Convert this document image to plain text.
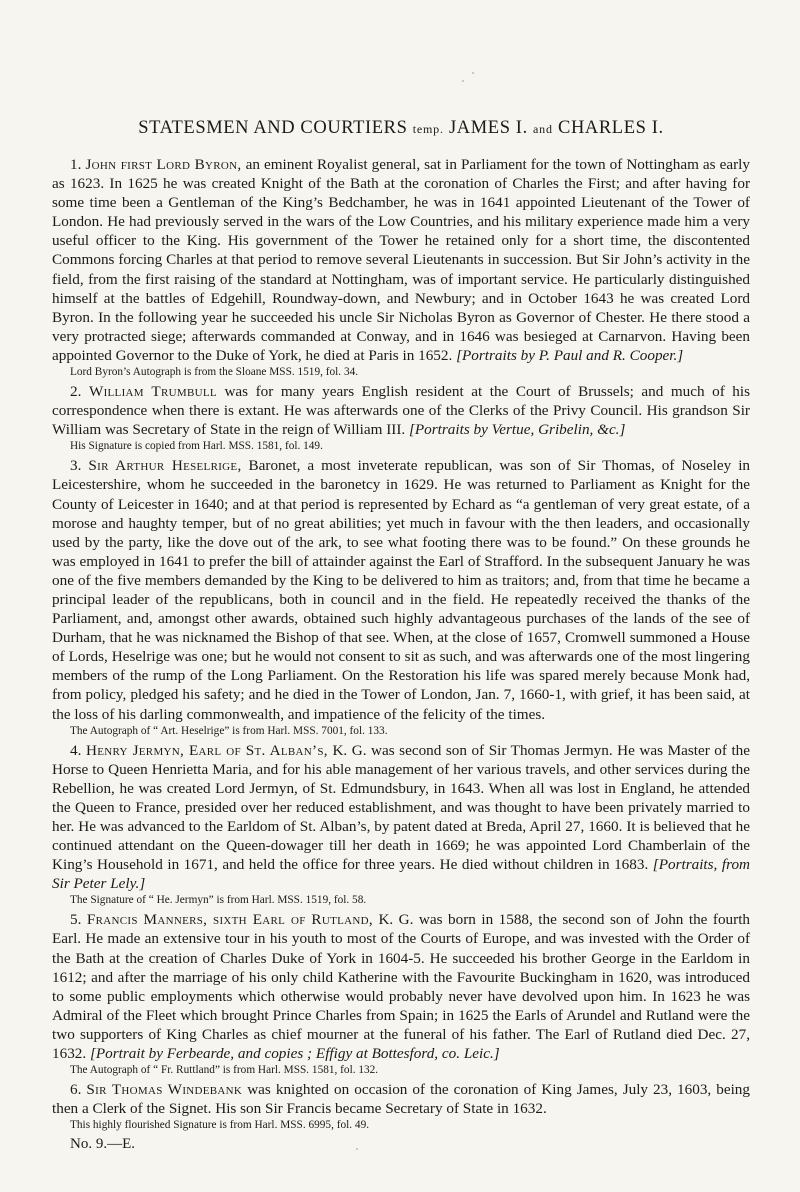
STATESMEN AND COURTIERS temp. JAMES I. and CHARLES I.

1. John first Lord Byron, an eminent Royalist general, sat in Parliament for the town of Nottingham as early as 1623. In 1625 he was created Knight of the Bath at the coronation of Charles the First; and after having for some time been a Gentleman of the King’s Bedchamber, he was in 1641 appointed Lieutenant of the Tower of London. He had previously served in the wars of the Low Countries, and his military experience made him a very useful officer to the King. His government of the Tower he retained only for a short time, the discontented Commons forcing Charles at that period to remove several Lieutenants in succession. But Sir John’s activity in the field, from the first raising of the standard at Nottingham, was of important service. He particularly distinguished himself at the battles of Edgehill, Roundway-down, and Newbury; and in October 1643 he was created Lord Byron. In the following year he succeeded his uncle Sir Nicholas Byron as Governor of Chester. He there stood a very protracted siege; afterwards commanded at Conway, and in 1646 was besieged at Carnarvon. Having been appointed Governor to the Duke of York, he died at Paris in 1652. [Portraits by P. Paul and R. Cooper.]

Lord Byron’s Autograph is from the Sloane MSS. 1519, fol. 34.

2. William Trumbull was for many years English resident at the Court of Brussels; and much of his correspondence when there is extant. He was afterwards one of the Clerks of the Privy Council. His grandson Sir William was Secretary of State in the reign of William III. [Portraits by Vertue, Gribelin, &c.]

His Signature is copied from Harl. MSS. 1581, fol. 149.

3. Sir Arthur Heselrige, Baronet, a most inveterate republican, was son of Sir Thomas, of Noseley in Leicestershire, whom he succeeded in the baronetcy in 1629. He was returned to Parliament as Knight for the County of Leicester in 1640; and at that period is represented by Echard as “a gentleman of very great estate, of a morose and haughty temper, but of no great abilities; yet much in favour with the then leaders, and occasionally used by the party, like the dove out of the ark, to see what footing there was to be found.” On these grounds he was employed in 1641 to prefer the bill of attainder against the Earl of Strafford. In the subsequent January he was one of the five members demanded by the King to be delivered to him as traitors; and, from that time he became a principal leader of the republicans, both in council and in the field. He repeatedly received the thanks of the Parliament, and, amongst other awards, obtained such highly advantageous purchases of the lands of the see of Durham, that he was nicknamed the Bishop of that see. When, at the close of 1657, Cromwell summoned a House of Lords, Heselrige was one; but he would not consent to sit as such, and was afterwards one of the most lingering members of the rump of the Long Parliament. On the Restoration his life was spared merely because Monk had, from policy, pledged his safety; and he died in the Tower of London, Jan. 7, 1660-1, with grief, it has been said, at the loss of his darling commonwealth, and impatience of the felicity of the times.

The Autograph of “ Art. Heselrige” is from Harl. MSS. 7001, fol. 133.

4. Henry Jermyn, Earl of St. Alban’s, K. G. was second son of Sir Thomas Jermyn. He was Master of the Horse to Queen Henrietta Maria, and for his able management of her various travels, and other services during the Rebellion, he was created Lord Jermyn, of St. Edmundsbury, in 1643. When all was lost in England, he attended the Queen to France, presided over her reduced establishment, and was thought to have been privately married to her. He was advanced to the Earldom of St. Alban’s, by patent dated at Breda, April 27, 1660. It is believed that he continued attendant on the Queen-dowager till her death in 1669; he was appointed Lord Chamberlain of the King’s Household in 1671, and held the office for three years. He died without children in 1683. [Portraits, from Sir Peter Lely.]

The Signature of “ He. Jermyn” is from Harl. MSS. 1519, fol. 58.

5. Francis Manners, sixth Earl of Rutland, K. G. was born in 1588, the second son of John the fourth Earl. He made an extensive tour in his youth to most of the Courts of Europe, and was invested with the Order of the Bath at the creation of Charles Duke of York in 1604-5. He succeeded his brother George in the Earldom in 1612; and after the marriage of his only child Katherine with the Favourite Buckingham in 1620, was introduced to some public employments which otherwise would probably never have devolved upon him. In 1623 he was Admiral of the Fleet which brought Prince Charles from Spain; in 1625 the Earls of Arundel and Rutland were the two supporters of King Charles as chief mourner at the funeral of his father. The Earl of Rutland died Dec. 27, 1632. [Portrait by Ferbearde, and copies ; Effigy at Bottesford, co. Leic.]

The Autograph of “ Fr. Ruttland” is from Harl. MSS. 1581, fol. 132.

6. Sir Thomas Windebank was knighted on occasion of the coronation of King James, July 23, 1603, being then a Clerk of the Signet. His son Sir Francis became Secretary of State in 1632.

This highly flourished Signature is from Harl. MSS. 6995, fol. 49.
No. 9.—E.
